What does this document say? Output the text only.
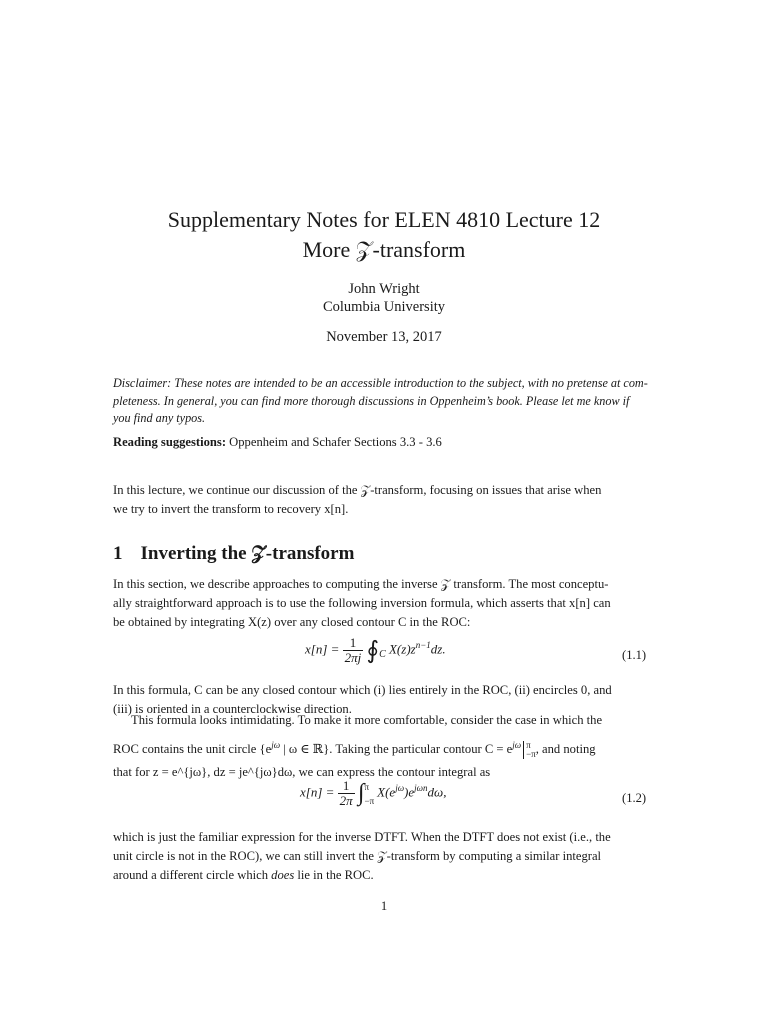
Supplementary Notes for ELEN 4810 Lecture 12
More 𝒵-transform
John Wright
Columbia University
November 13, 2017
Disclaimer: These notes are intended to be an accessible introduction to the subject, with no pretense at com-
pleteness. In general, you can find more thorough discussions in Oppenheim’s book. Please let me know if
you find any typos.
Reading suggestions: Oppenheim and Schafer Sections 3.3 - 3.6
In this lecture, we continue our discussion of the 𝒵-transform, focusing on issues that arise when
we try to invert the transform to recovery x[n].
1 Inverting the 𝒵-transform
In this section, we describe approaches to computing the inverse 𝒵 transform. The most conceptu-
ally straightforward approach is to use the following inversion formula, which asserts that x[n] can
be obtained by integrating X(z) over any closed contour C in the ROC:
$x[n] = \frac{1}{2\pi j}$ $∮_C$ $X(z)z^{n-1}dz$.	(1.1)
In this formula, C can be any closed contour which (i) lies entirely in the ROC, (ii) encircles 0, and
(iii) is oriented in a counterclockwise direction.
This formula looks intimidating. To make it more comfortable, consider the case in which the
ROC contains the unit circle {$e^{j\omega}$ | ω ∈ ℝ}. Taking the particular contour $C = e^{j\omega}$ π
−π , and noting
that for z = e^{jω}, dz = je^{jω}dω, we can express the contour integral as
$x[n] = \frac{1}{2\pi}$ ∫ π
−π
$X(e^{j\omega})e^{j\omega n}d\omega$,	(1.2)
which is just the familiar expression for the inverse DTFT. When the DTFT does not exist (i.e., the
unit circle is not in the ROC), we can still invert the 𝒵-transform by computing a similar integral
around a different circle which does lie in the ROC.
1
